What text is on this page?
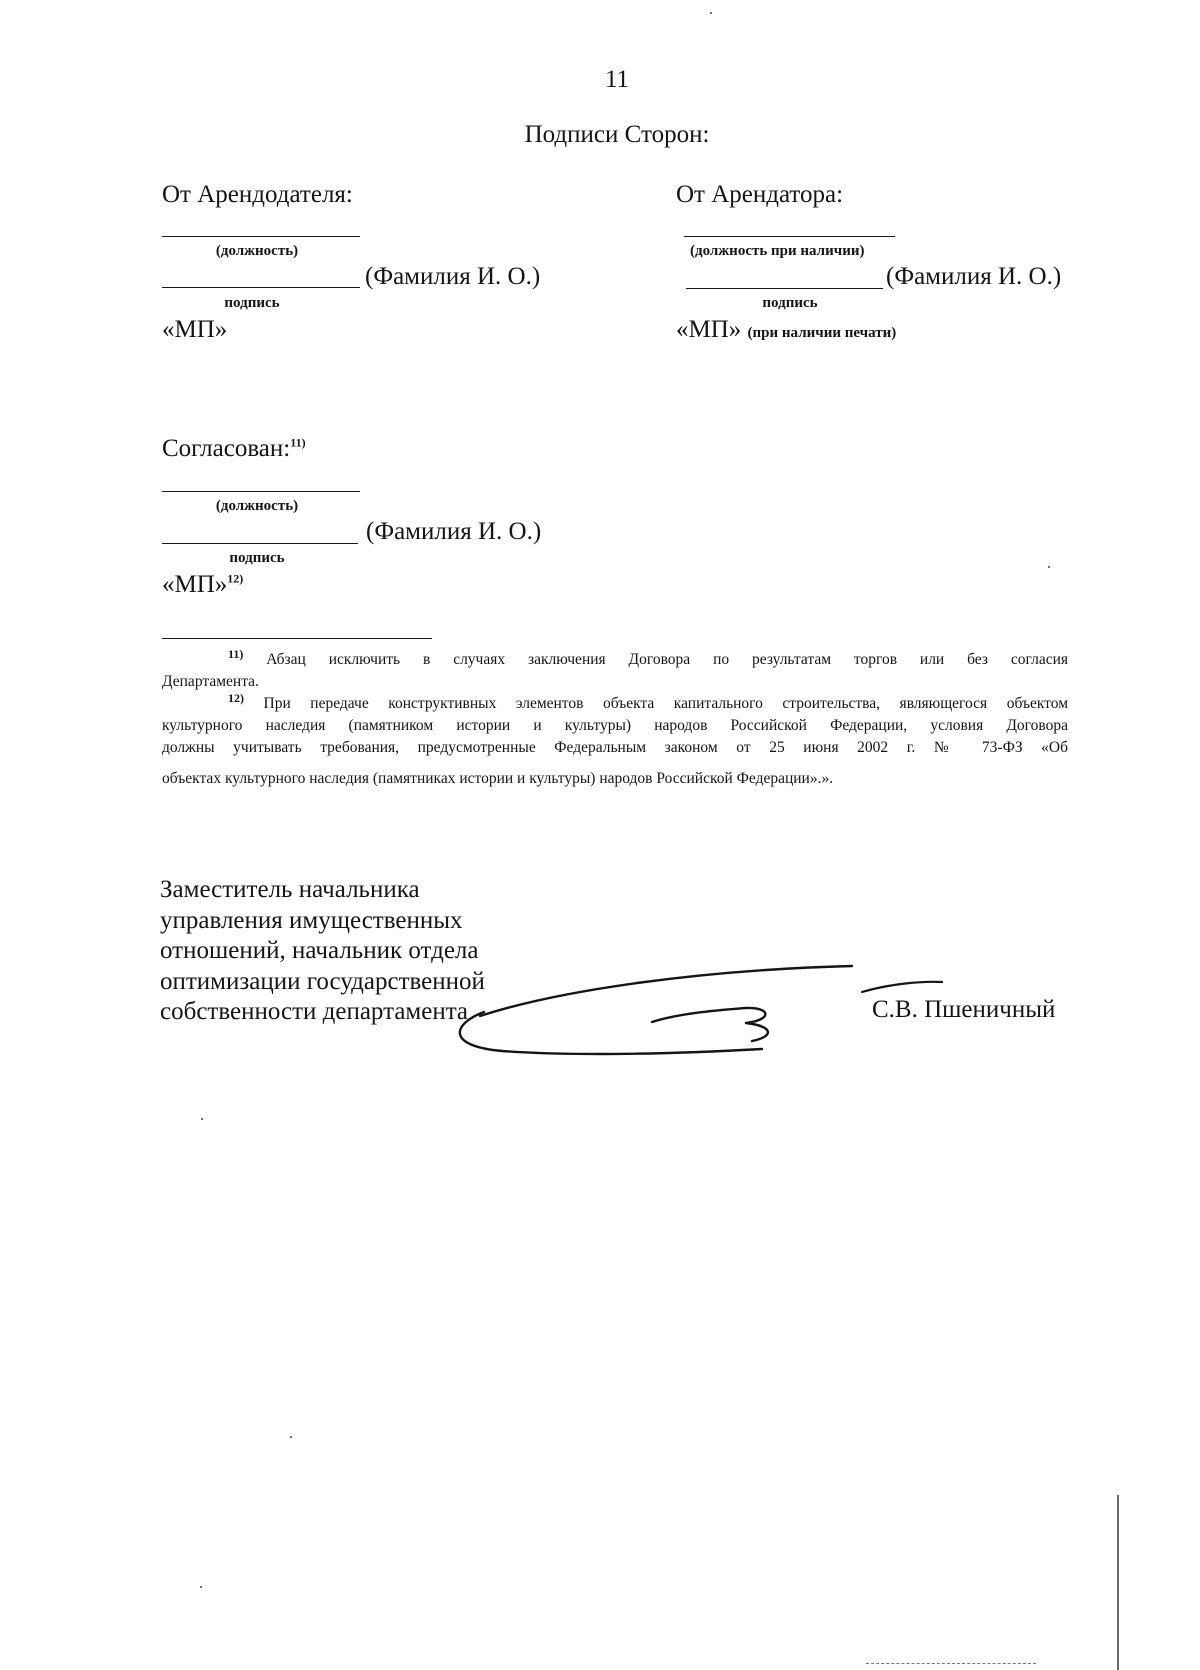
11
Подписи Сторон:
От Арендодателя:
(должность)
(Фамилия И. О.)
подпись
«МП»
От Арендатора:
(должность при наличии)
(Фамилия И. О.)
подпись
«МП» (при наличии печати)
Согласован:$^{11)}$
(должность)
(Фамилия И. О.)
подпись
«МП»$^{12)}$
$^{11)}$ Абзац исключить в случаях заключения Договора по результатам торгов или без согласия
Департамента.
$^{12)}$ При передаче конструктивных элементов объекта капитального строительства, являющегося объектом
культурного наследия (памятником истории и культуры) народов Российской Федерации, условия Договора
должны учитывать требования, предусмотренные Федеральным законом от 25 июня 2002 г. № 73-ФЗ «Об
объектах культурного наследия (памятниках истории и культуры) народов Российской Федерации».».
Заместитель начальника
управления имущественных
отношений, начальник отдела
оптимизации государственной
собственности департамента	С.В. Пшеничный
